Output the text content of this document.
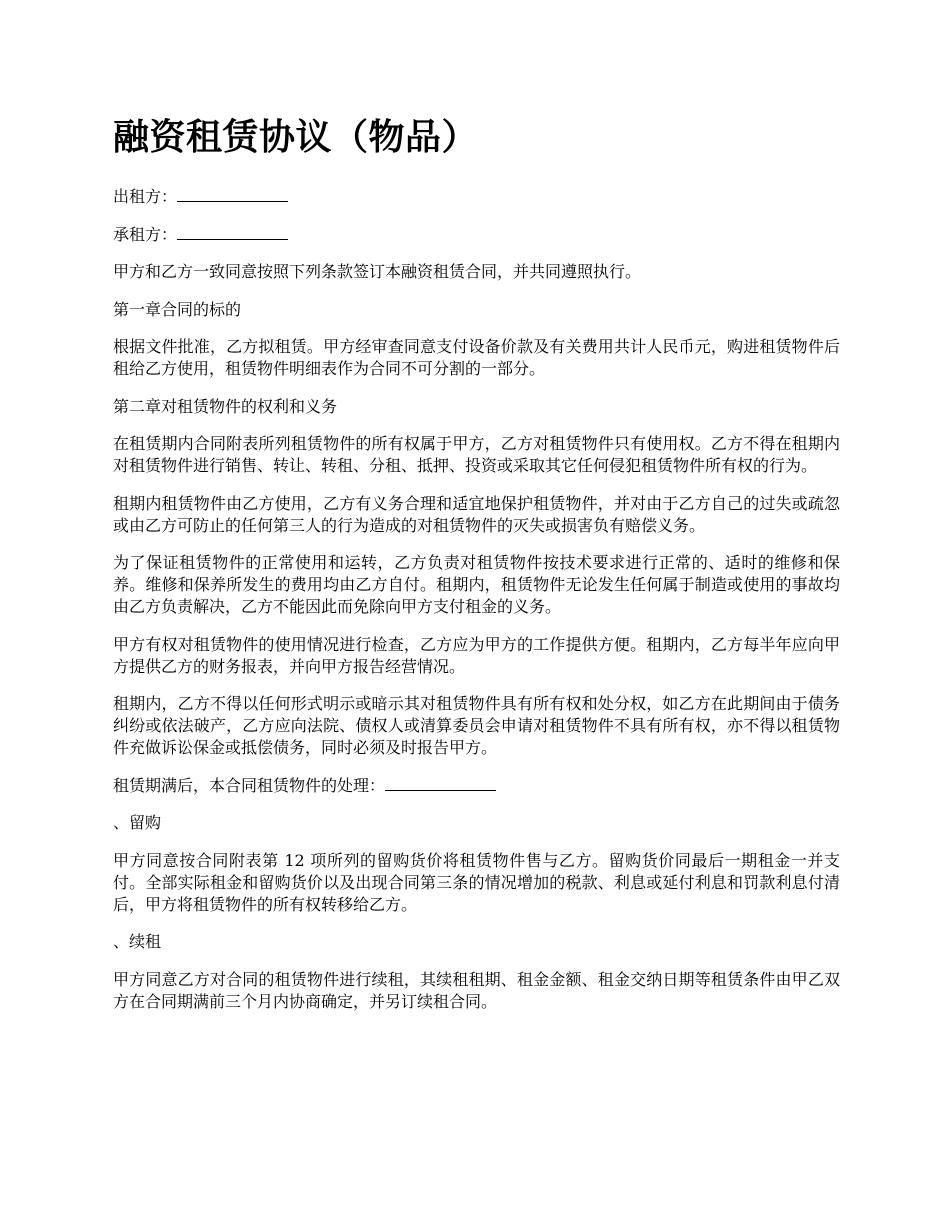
融资租赁协议（物品）

出租方：

承租方：

甲方和乙方一致同意按照下列条款签订本融资租赁合同，并共同遵照执行。

第一章合同的标的

根据文件批准，乙方拟租赁。甲方经审查同意支付设备价款及有关费用共计人民币元，购进租赁物件后租给乙方使用，租赁物件明细表作为合同不可分割的一部分。

第二章对租赁物件的权利和义务

在租赁期内合同附表所列租赁物件的所有权属于甲方，乙方对租赁物件只有使用权。乙方不得在租期内对租赁物件进行销售、转让、转租、分租、抵押、投资或采取其它任何侵犯租赁物件所有权的行为。

租期内租赁物件由乙方使用，乙方有义务合理和适宜地保护租赁物件，并对由于乙方自己的过失或疏忽或由乙方可防止的任何第三人的行为造成的对租赁物件的灭失或损害负有赔偿义务。

为了保证租赁物件的正常使用和运转，乙方负责对租赁物件按技术要求进行正常的、适时的维修和保养。维修和保养所发生的费用均由乙方自付。租期内，租赁物件无论发生任何属于制造或使用的事故均由乙方负责解决，乙方不能因此而免除向甲方支付租金的义务。

甲方有权对租赁物件的使用情况进行检查，乙方应为甲方的工作提供方便。租期内，乙方每半年应向甲方提供乙方的财务报表，并向甲方报告经营情况。

租期内，乙方不得以任何形式明示或暗示其对租赁物件具有所有权和处分权，如乙方在此期间由于债务纠纷或依法破产，乙方应向法院、债权人或清算委员会申请对租赁物件不具有所有权，亦不得以租赁物件充做诉讼保金或抵偿债务，同时必须及时报告甲方。

租赁期满后，本合同租赁物件的处理：

、留购

甲方同意按合同附表第 12 项所列的留购货价将租赁物件售与乙方。留购货价同最后一期租金一并支付。全部实际租金和留购货价以及出现合同第三条的情况增加的税款、利息或延付利息和罚款利息付清后，甲方将租赁物件的所有权转移给乙方。

、续租

甲方同意乙方对合同的租赁物件进行续租，其续租租期、租金金额、租金交纳日期等租赁条件由甲乙双方在合同期满前三个月内协商确定，并另订续租合同。
